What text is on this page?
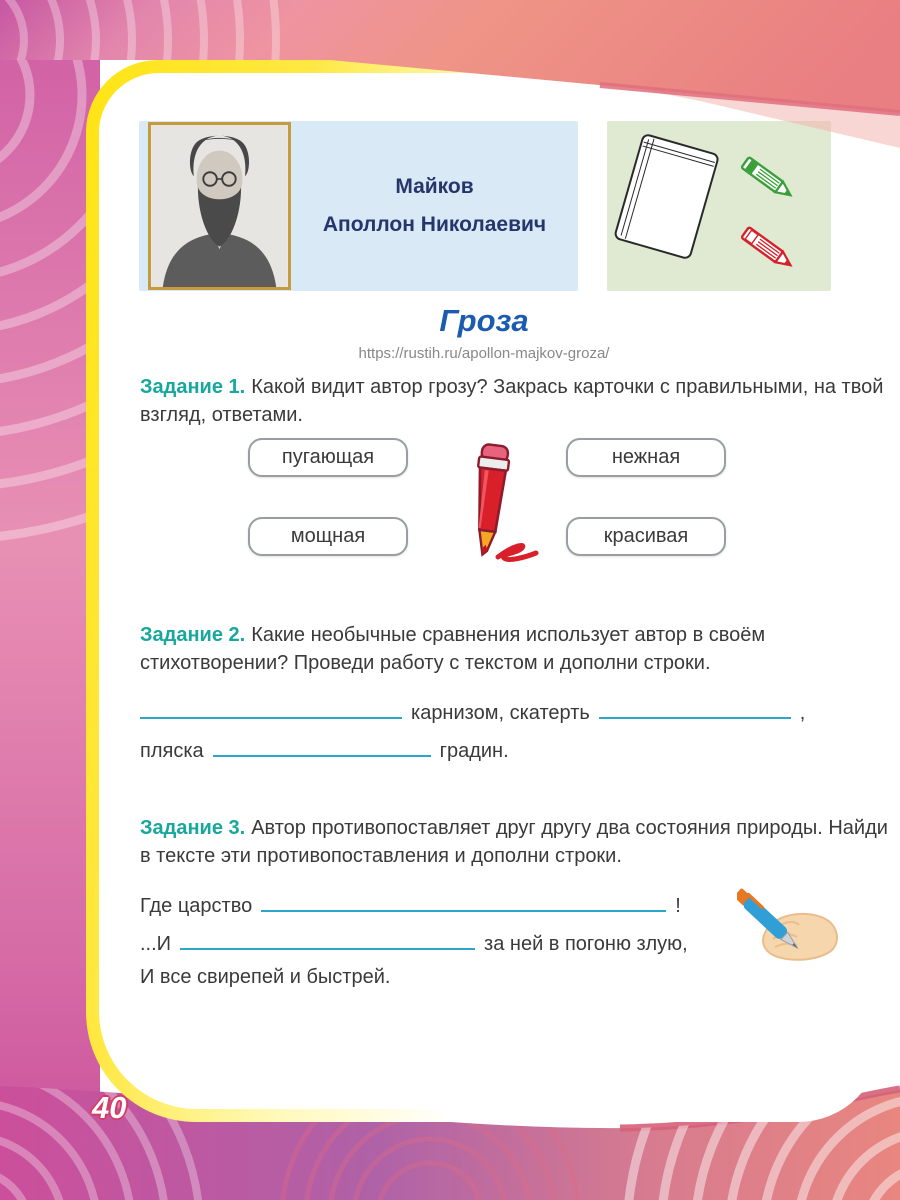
Майков
Аполлон Николаевич
Гроза
https://rustih.ru/apollon-majkov-groza/
Задание 1. Какой видит автор грозу? Закрась карточки с правильными, на твой взгляд, ответами.
пугающая	нежная
мощная	красивая
Задание 2. Какие необычные сравнения использует автор в своём стихотворении? Проведи работу с текстом и дополни строки.
карнизом, скатерть	,
пляска	градин.
Задание 3. Автор противопоставляет друг другу два состояния природы. Найди в тексте эти противопоставления и дополни строки.
Где царство	!
...И	за ней в погоню злую,
И все свирепей и быстрей.
40
